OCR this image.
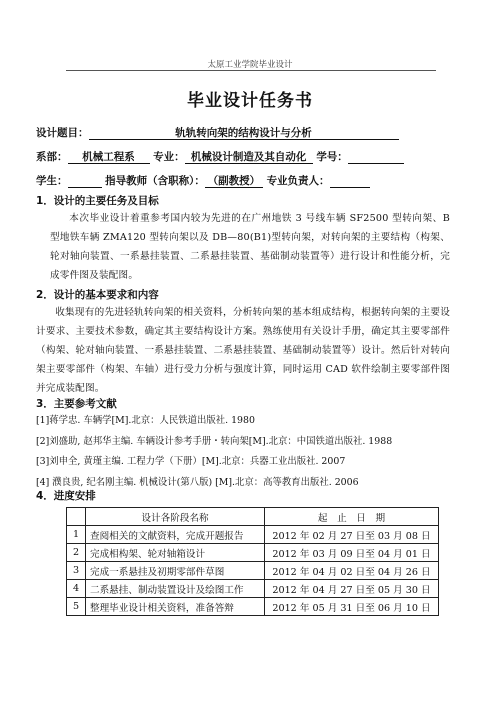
太原工业学院毕业设计
毕业设计任务书
设计题目：	轨轨转向架的结构设计与分析
系部： 机械工程系 专业： 机械设计制造及其自动化 学号：
学生：	指导教师（含职称）： （副教授） 专业负责人：
1．设计的主要任务及目标
本次毕业设计着重参考国内较为先进的在广州地铁 3 号线车辆 SF2500 型转向架、B 型地铁车辆 ZMA120 型转向架以及 DB—80(B1)型转向架，对转向架的主要结构（构架、轮对轴向装置、一系悬挂装置、二系悬挂装置、基础制动装置等）进行设计和性能分析，完成零件图及装配图。
2．设计的基本要求和内容
收集现有的先进轻轨转向架的相关资料，分析转向架的基本组成结构，根据转向架的主要设计要求、主要技术参数，确定其主要结构设计方案。熟练使用有关设计手册，确定其主要零部件（构架、轮对轴向装置、一系悬挂装置、二系悬挂装置、基础制动装置等）设计。然后针对转向架主要零部件（构架、车轴）进行受力分析与强度计算，同时运用 CAD 软件绘制主要零部件图并完成装配图。
3．主要参考文献
[1]蒋学忠. 车辆学[M].北京：人民铁道出版社. 1980
[2]刘盛助, 赵邦华主编. 车辆设计参考手册・转向架[M].北京：中国铁道出版社. 1988
[3]刘申全, 黄瑾主编. 工程力学（下册）[M].北京：兵器工业出版社. 2007
[4] 濮良贵, 纪名刚主编. 机械设计(第八版) [M].北京：高等教育出版社. 2006
4．进度安排
	设计各阶段名称	起　止　日　期
1	查阅相关的文献资料，完成开题报告	2012 年 02 月 27 日至 03 月 08 日
2	完成相构架、轮对轴箱设计	2012 年 03 月 09 日至 04 月 01 日
3	完成一系悬挂及初期零部件草图	2012 年 04 月 02 日至 04 月 26 日
4	二系悬挂、制动装置设计及绘图工作	2012 年 04 月 27 日至 05 月 30 日
5	整理毕业设计相关资料，准备答辩	2012 年 05 月 31 日至 06 月 10 日
